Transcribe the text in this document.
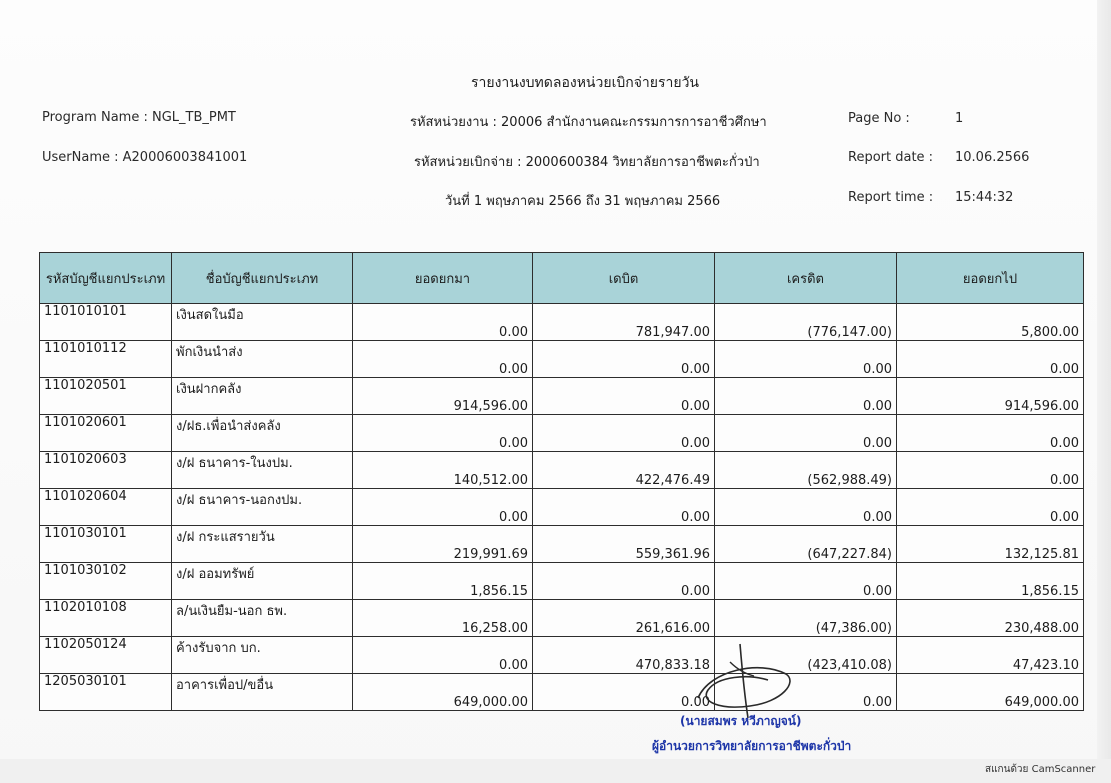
รายงานงบทดลองหน่วยเบิกจ่ายรายวัน
Program Name : NGL_TB_PMT
UserName : A20006003841001
รหัสหน่วยงาน : 20006 สำนักงานคณะกรรมการการอาชีวศึกษา
รหัสหน่วยเบิกจ่าย : 2000600384 วิทยาลัยการอาชีพตะกั่วป่า
วันที่ 1 พฤษภาคม 2566 ถึง 31 พฤษภาคม 2566
Page No :	1
Report date : 10.06.2566
Report time : 15:44:32
รหัสบัญชีแยกประเภท	ชื่อบัญชีแยกประเภท	ยอดยกมา	เดบิต	เครดิต	ยอดยกไป
1101010101	เงินสดในมือ	0.00	781,947.00	(776,147.00)	5,800.00
1101010112	พักเงินนำส่ง	0.00	0.00	0.00	0.00
1101020501	เงินฝากคลัง	914,596.00	0.00	0.00	914,596.00
1101020601	ง/ฝธ.เพื่อนำส่งคลัง	0.00	0.00	0.00	0.00
1101020603	ง/ฝ ธนาคาร-ในงปม.	140,512.00	422,476.49	(562,988.49)	0.00
1101020604	ง/ฝ ธนาคาร-นอกงปม.	0.00	0.00	0.00	0.00
1101030101	ง/ฝ กระแสรายวัน	219,991.69	559,361.96	(647,227.84)	132,125.81
1101030102	ง/ฝ ออมทรัพย์	1,856.15	0.00	0.00	1,856.15
1102010108	ล/นเงินยืม-นอก ธพ.	16,258.00	261,616.00	(47,386.00)	230,488.00
1102050124	ค้างรับจาก บก.	0.00	470,833.18	(423,410.08)	47,423.10
1205030101	อาคารเพื่อป/ขอื่น	649,000.00	0.00	0.00	649,000.00
(นายสมพร หวีภาญจน์)
ผู้อำนวยการวิทยาลัยการอาชีพตะกั่วป่า
สแกนด้วย CamScanner
